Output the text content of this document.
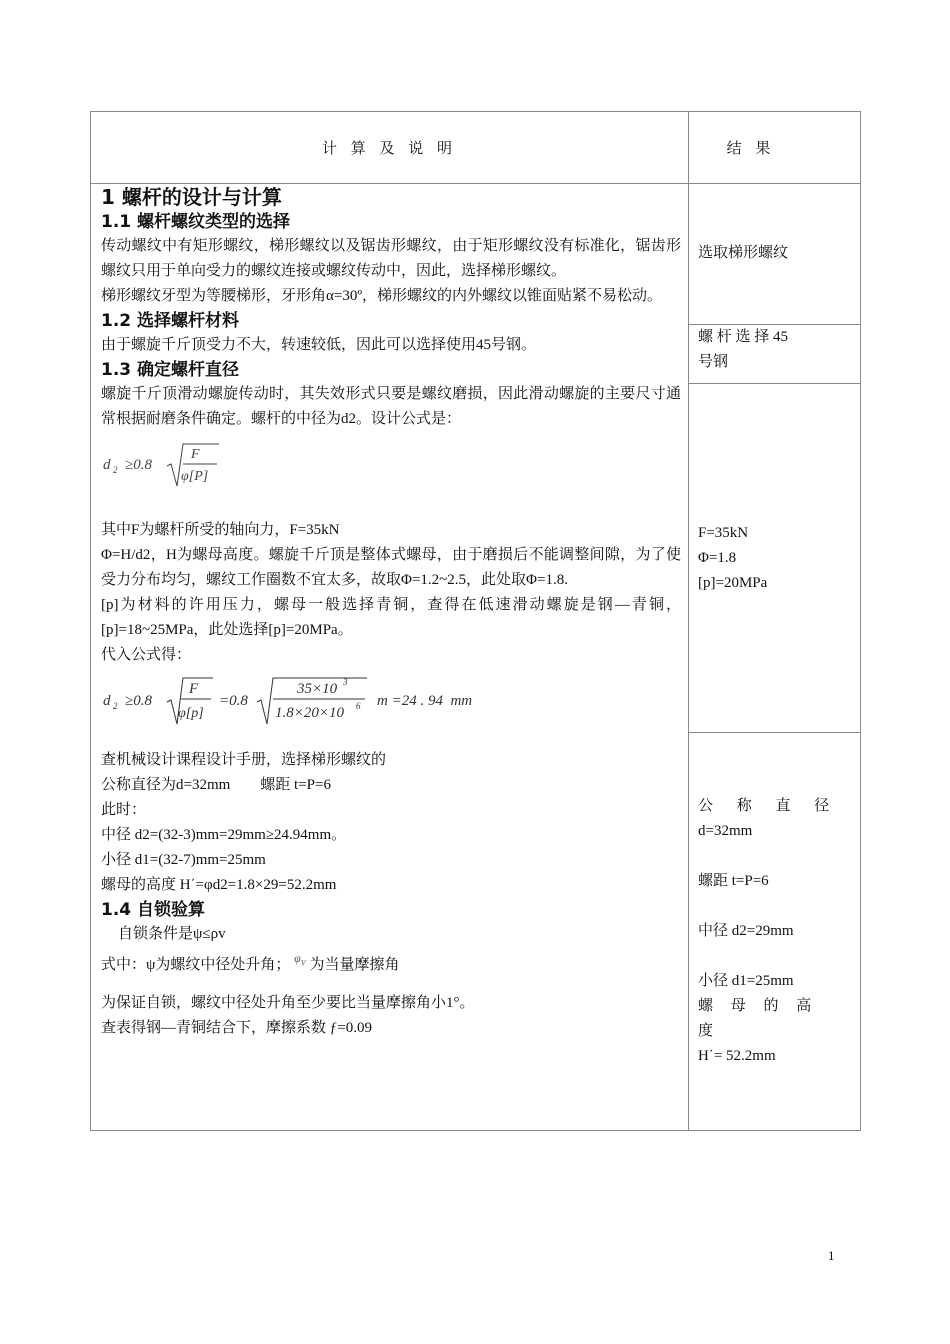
计 算 及 说 明	结 果

1 螺杆的设计与计算

1.1 螺杆螺纹类型的选择

传动螺纹中有矩形螺纹，梯形螺纹以及锯齿形螺纹，由于矩形螺纹没有标准化，锯齿形螺纹只用于单向受力的螺纹连接或螺纹传动中，因此，选择梯形螺纹。

梯形螺纹牙型为等腰梯形，牙形角α=30º，梯形螺纹的内外螺纹以锥面贴紧不易松动。

1.2 选择螺杆材料

由于螺旋千斤顶受力不大，转速较低，因此可以选择使用45号钢。

1.3 确定螺杆直径

螺旋千斤顶滑动螺旋传动时，其失效形式只要是螺纹磨损，因此滑动螺旋的主要尺寸通常根据耐磨条件确定。螺杆的中径为d2。设计公式是：

d 2 ≥0.8
F
φ[P]

其中F为螺杆所受的轴向力，F=35kN

Φ=H/d2，H为螺母高度。螺旋千斤顶是整体式螺母，由于磨损后不能调整间隙，为了使受力分布均匀，螺纹工作圈数不宜太多，故取Φ=1.2~2.5，此处取Φ=1.8.

[p]为材料的许用压力，螺母一般选择青铜，查得在低速滑动螺旋是钢—青铜，[p]=18~25MPa，此处选择[p]=20MPa。

代入公式得：

d 2 ≥0.8
F
φ[p]
=0.8
35×10 3
1.8×20×10 6 m =24 . 94  mm

查机械设计课程设计手册，选择梯形螺纹的

公称直径为d=32mm　　螺距 t=P=6

此时：

中径 d2=(32-3)mm=29mm≥24.94mm。

小径 d1=(32-7)mm=25mm

螺母的高度 H΄=φd2=1.8×29=52.2mm

1.4 自锁验算

自锁条件是ψ≤ρv

式中：ψ为螺纹中径处升角； $^{\varphi_V}$ 为当量摩擦角

为保证自锁，螺纹中径处升角至少要比当量摩擦角小1°。

查表得钢—青铜结合下，摩擦系数 ƒ=0.09

选取梯形螺纹

螺 杆 选 择 45

号钢

F=35kN

Φ=1.8

[p]=20MPa

公 称 直 径

d=32mm

螺距 t=P=6

中径 d2=29mm

小径 d1=25mm

螺 母 的 高 度

H΄= 52.2mm

1
